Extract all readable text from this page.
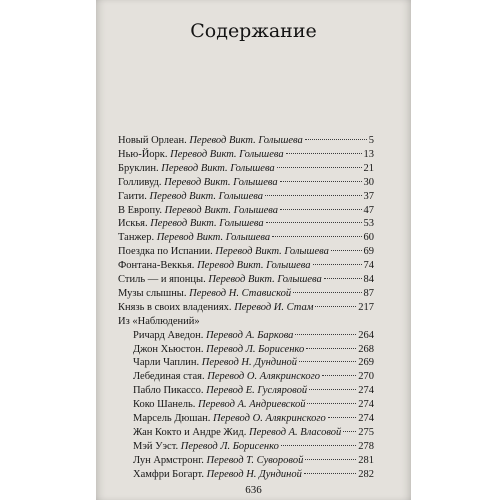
Содержание
Новый Орлеан. Перевод Викт. Голышева	5
Нью-Йорк. Перевод Викт. Голышева	13
Бруклин. Перевод Викт. Голышева	21
Голливуд. Перевод Викт. Голышева	30
Гаити. Перевод Викт. Голышева	37
В Европу. Перевод Викт. Голышева	47
Искья. Перевод Викт. Голышева	53
Танжер. Перевод Викт. Голышева	60
Поездка по Испании. Перевод Викт. Голышева	69
Фонтана-Веккья. Перевод Викт. Голышева	74
Стиль — и японцы. Перевод Викт. Голышева	84
Музы слышны. Перевод Н. Ставиской	87
Князь в своих владениях. Перевод И. Стам	217
Из «Наблюдений»
Ричард Аведон. Перевод А. Баркова	264
Джон Хьюстон. Перевод Л. Борисенко	268
Чарли Чаплин. Перевод Н. Дундиной	269
Лебединая стая. Перевод О. Алякринского	270
Пабло Пикассо. Перевод Е. Гусляровой	274
Коко Шанель. Перевод А. Андриевской	274
Марсель Дюшан. Перевод О. Алякринского	274
Жан Кокто и Андре Жид. Перевод А. Власовой 275
Мэй Уэст. Перевод Л. Борисенко	278
Лун Армстронг. Перевод Т. Суворовой	281
Хамфри Богарт. Перевод Н. Дундиной	282
636
